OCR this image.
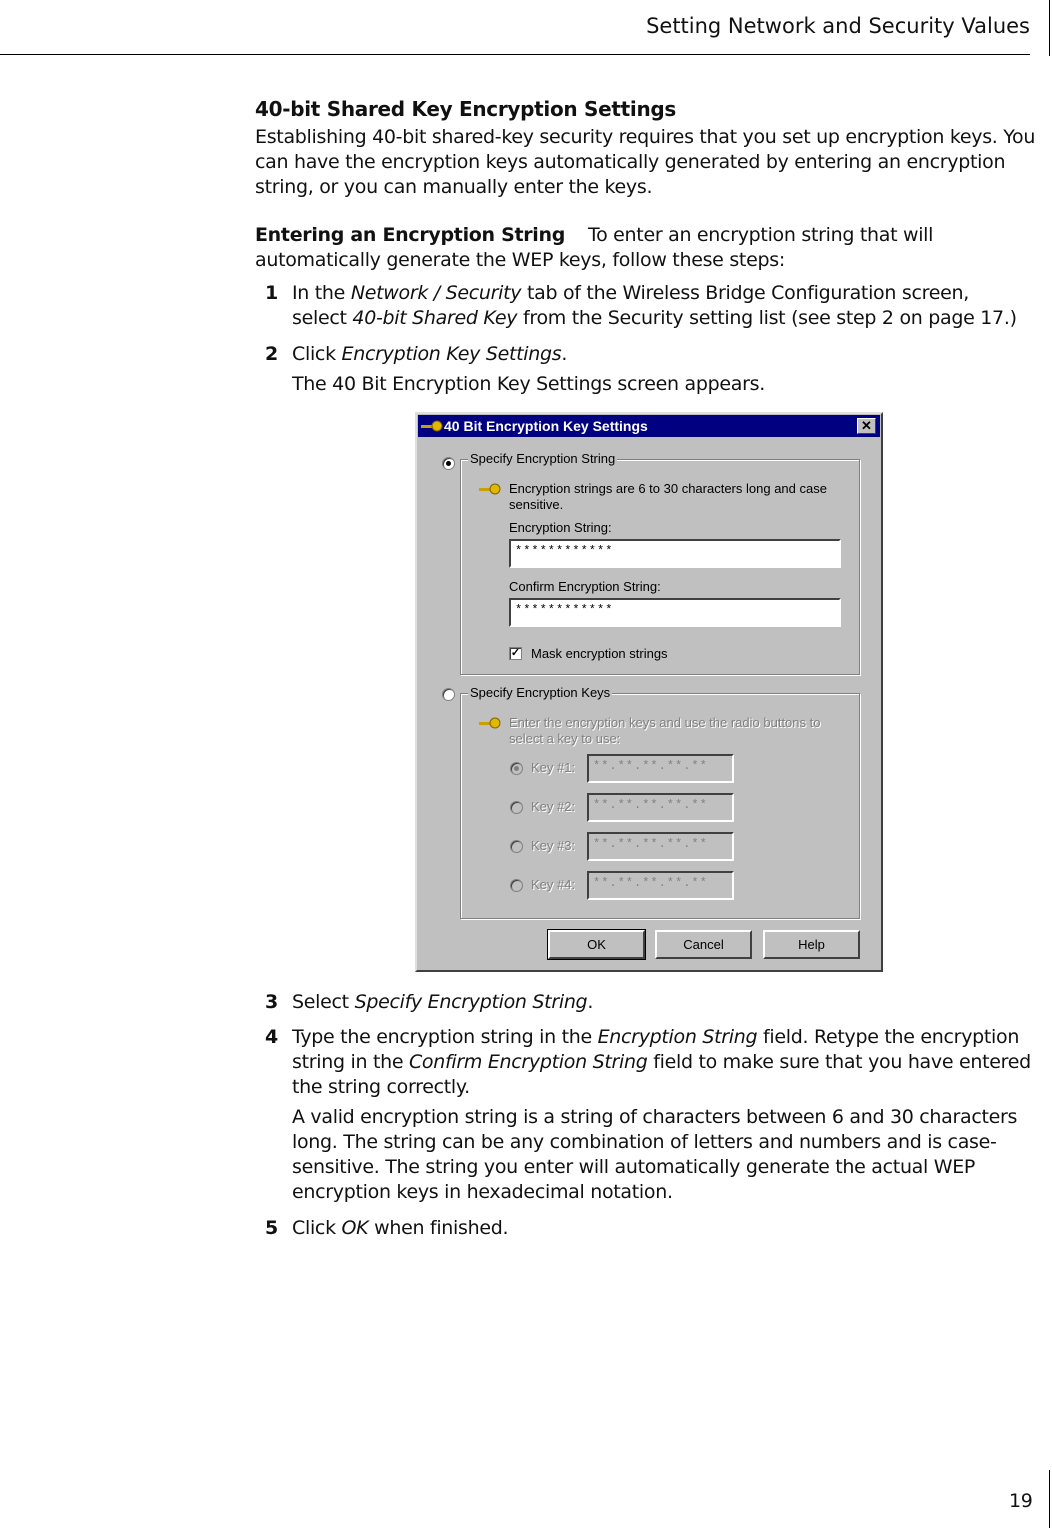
Setting Network and Security Values
40-bit Shared Key Encryption Settings
Establishing 40-bit shared-key security requires that you set up encryption keys. You can have the encryption keys automatically generated by entering an encryption string, or you can manually enter the keys.
Entering an Encryption String To enter an encryption string that will automatically generate the WEP keys, follow these steps:
1 In the Network / Security tab of the Wireless Bridge Configuration screen, select 40-bit Shared Key from the Security setting list (see step 2 on page 17.)
2 Click Encryption Key Settings.
The 40 Bit Encryption Key Settings screen appears.
40 Bit Encryption Key Settings	✕
Specify Encryption String
Encryption strings are 6 to 30 characters long and case sensitive.
Encryption String:
************
Confirm Encryption String:
************
✓ Mask encryption strings
Specify Encryption Keys
Enter the encryption keys and use the radio buttons to select a key to use:
Key #1:	**.**.**.**.**
Key #2:	**.**.**.**.**
Key #3:	**.**.**.**.**
Key #4:	**.**.**.**.**
OK	Cancel	Help
3 Select Specify Encryption String.
4 Type the encryption string in the Encryption String field. Retype the encryption string in the Confirm Encryption String field to make sure that you have entered the string correctly.
A valid encryption string is a string of characters between 6 and 30 characters long. The string can be any combination of letters and numbers and is case-sensitive. The string you enter will automatically generate the actual WEP encryption keys in hexadecimal notation.
5 Click OK when finished.
19
